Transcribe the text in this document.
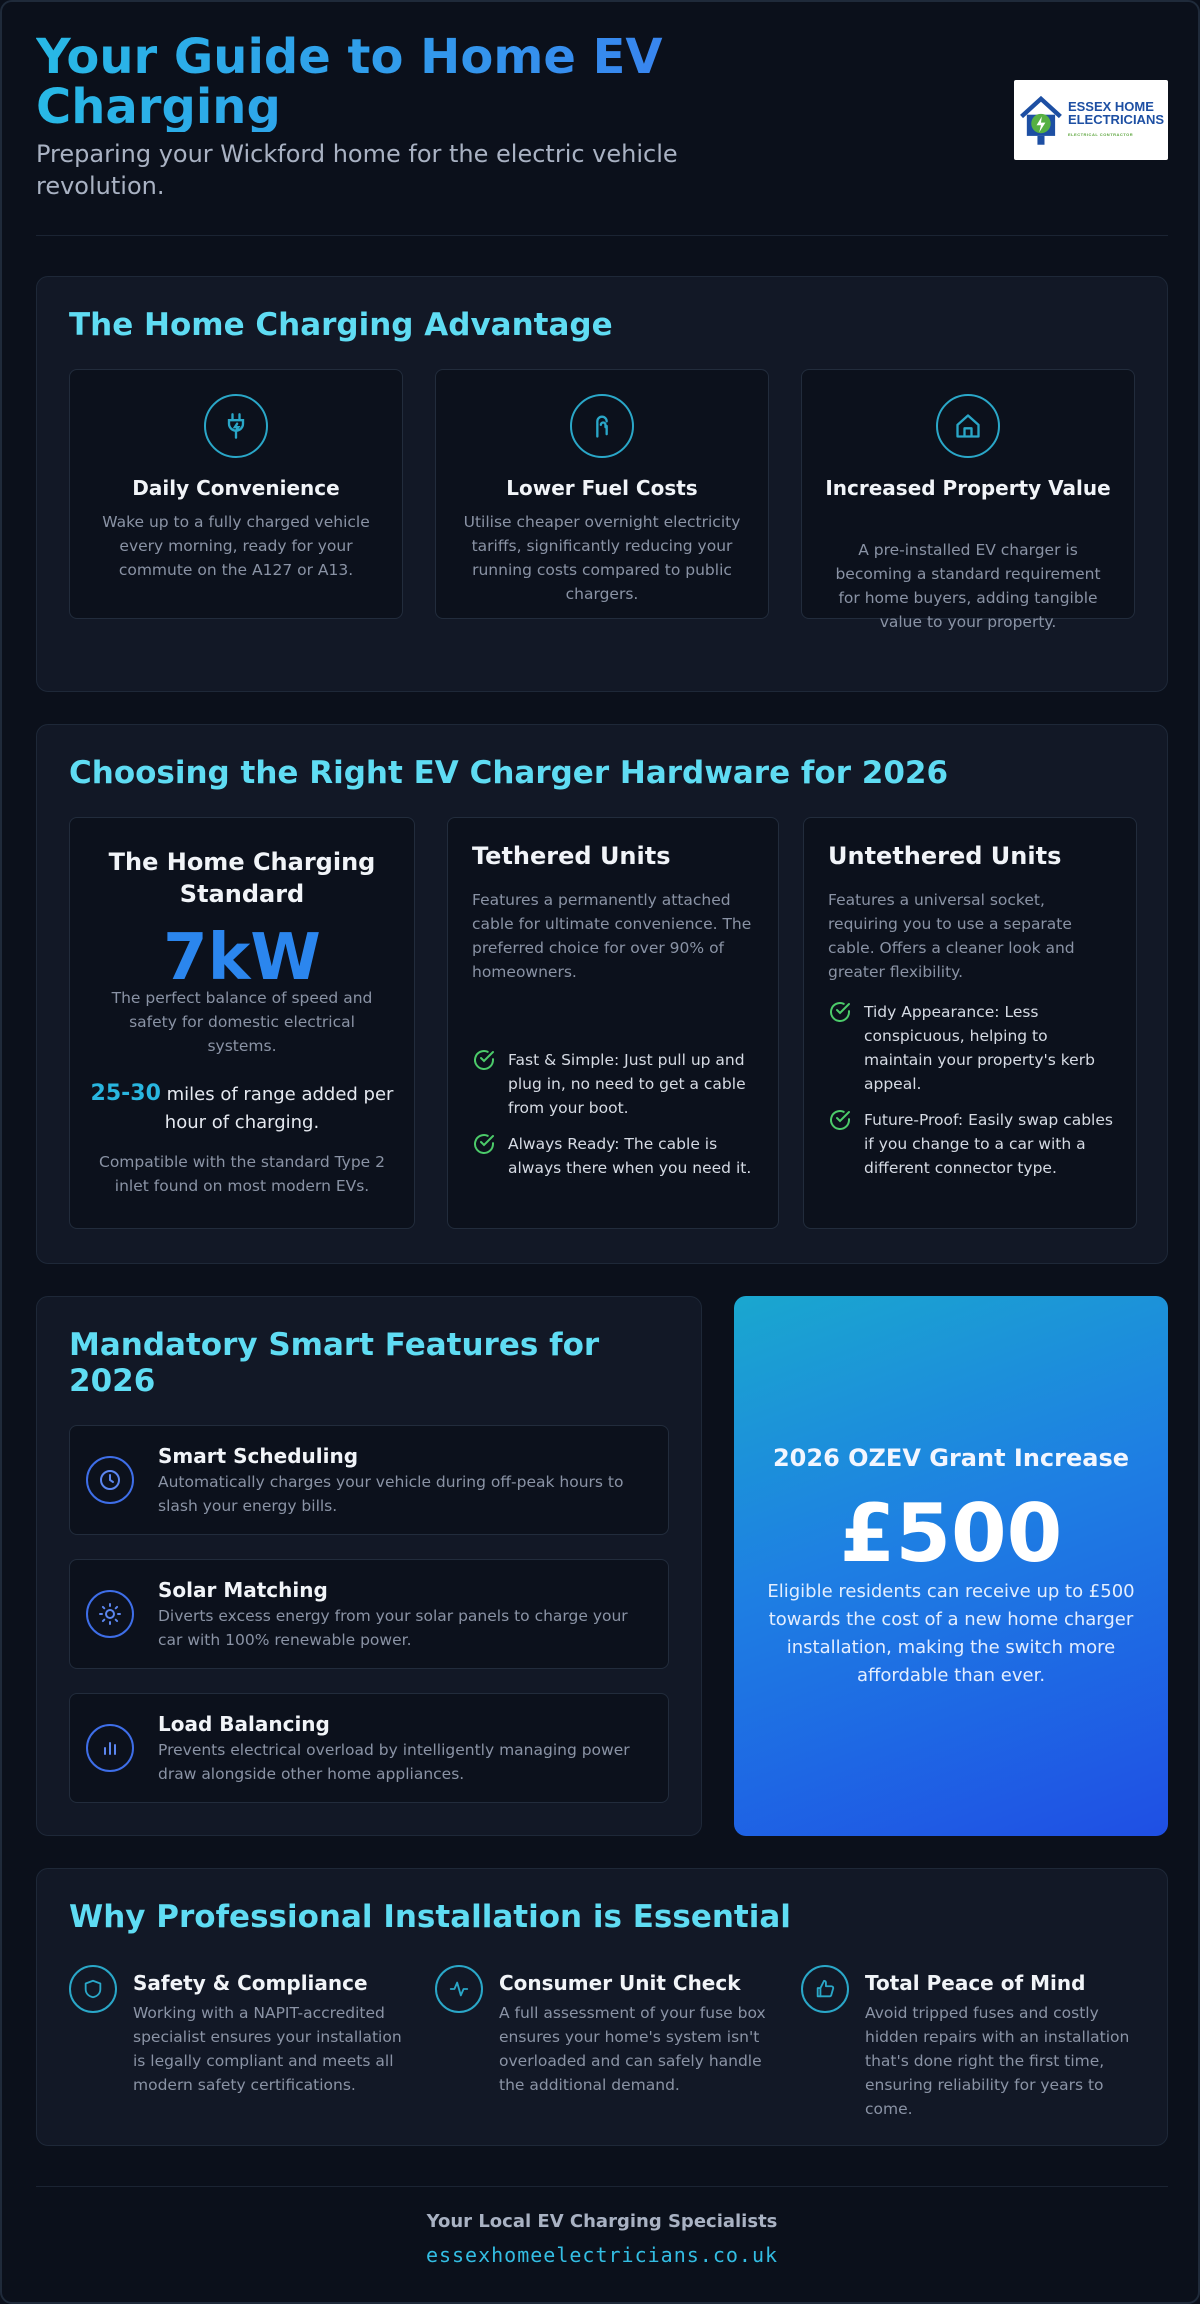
Your Guide to Home EV Charging

Preparing your Wickford home for the electric vehicle revolution.

ESSEX HOME
ELECTRICIANS
ELECTRICAL CONTRACTOR
The Home Charging Advantage
Daily Convenience
Wake up to a fully charged vehicle every morning, ready for your commute on the A127 or A13.
Lower Fuel Costs
Utilise cheaper overnight electricity tariffs, significantly reducing your running costs compared to public chargers.
Increased Property Value
A pre-installed EV charger is becoming a standard requirement for home buyers, adding tangible value to your property.
Choosing the Right EV Charger Hardware for 2026
The Home Charging Standard
7kW
The perfect balance of speed and safety for domestic electrical systems.
25-30 miles of range added per hour of charging.
Compatible with the standard Type 2 inlet found on most modern EVs.
Tethered Units
Features a permanently attached cable for ultimate convenience. The preferred choice for over 90% of homeowners.
Fast & Simple: Just pull up and plug in, no need to get a cable from your boot.
Always Ready: The cable is always there when you need it.
Untethered Units
Features a universal socket, requiring you to use a separate cable. Offers a cleaner look and greater flexibility.
Tidy Appearance: Less conspicuous, helping to maintain your property's kerb appeal.
Future-Proof: Easily swap cables if you change to a car with a different connector type.
Mandatory Smart Features for 2026
Smart Scheduling
Automatically charges your vehicle during off-peak hours to slash your energy bills.
Solar Matching
Diverts excess energy from your solar panels to charge your car with 100% renewable power.
Load Balancing
Prevents electrical overload by intelligently managing power draw alongside other home appliances.
2026 OZEV Grant Increase
£500
Eligible residents can receive up to £500 towards the cost of a new home charger installation, making the switch more affordable than ever.
Why Professional Installation is Essential
Safety & Compliance
Working with a NAPIT-accredited specialist ensures your installation is legally compliant and meets all modern safety certifications.
Consumer Unit Check
A full assessment of your fuse box ensures your home's system isn't overloaded and can safely handle the additional demand.
Total Peace of Mind
Avoid tripped fuses and costly hidden repairs with an installation that's done right the first time, ensuring reliability for years to come.
Your Local EV Charging Specialists
essexhomeelectricians.co.uk
